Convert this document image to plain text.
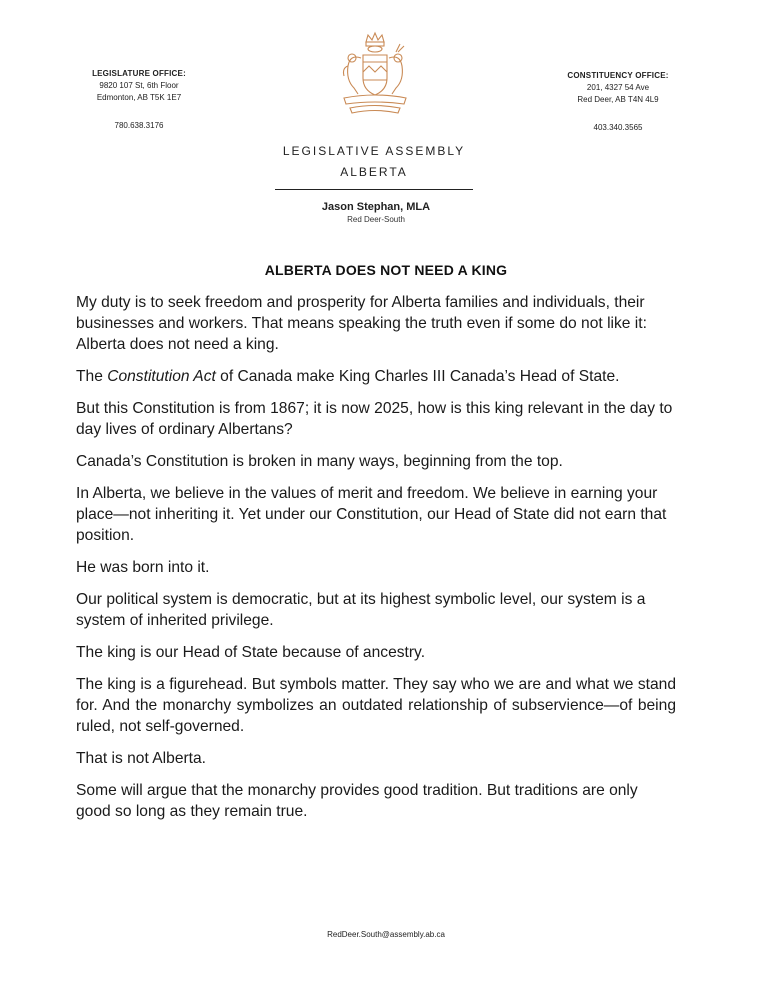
LEGISLATURE OFFICE:
9820 107 St, 6th Floor
Edmonton, AB T5K 1E7
780.638.3176
CONSTITUENCY OFFICE:
201, 4327 54 Ave
Red Deer, AB T4N 4L9
403.340.3565
LEGISLATIVE ASSEMBLY
ALBERTA
Jason Stephan, MLA
Red Deer-South
ALBERTA DOES NOT NEED A KING

My duty is to seek freedom and prosperity for Alberta families and individuals, their businesses and workers. That means speaking the truth even if some do not like it: Alberta does not need a king.

The Constitution Act of Canada make King Charles III Canada’s Head of State.

But this Constitution is from 1867; it is now 2025, how is this king relevant in the day to day lives of ordinary Albertans?

Canada’s Constitution is broken in many ways, beginning from the top.

In Alberta, we believe in the values of merit and freedom. We believe in earning your place—not inheriting it. Yet under our Constitution, our Head of State did not earn that position.

He was born into it.

Our political system is democratic, but at its highest symbolic level, our system is a system of inherited privilege.

The king is our Head of State because of ancestry.

The king is a figurehead. But symbols matter. They say who we are and what we stand for. And the monarchy symbolizes an outdated relationship of subservience—of being ruled, not self-governed.

That is not Alberta.

Some will argue that the monarchy provides good tradition. But traditions are only good so long as they remain true.

RedDeer.South@assembly.ab.ca
